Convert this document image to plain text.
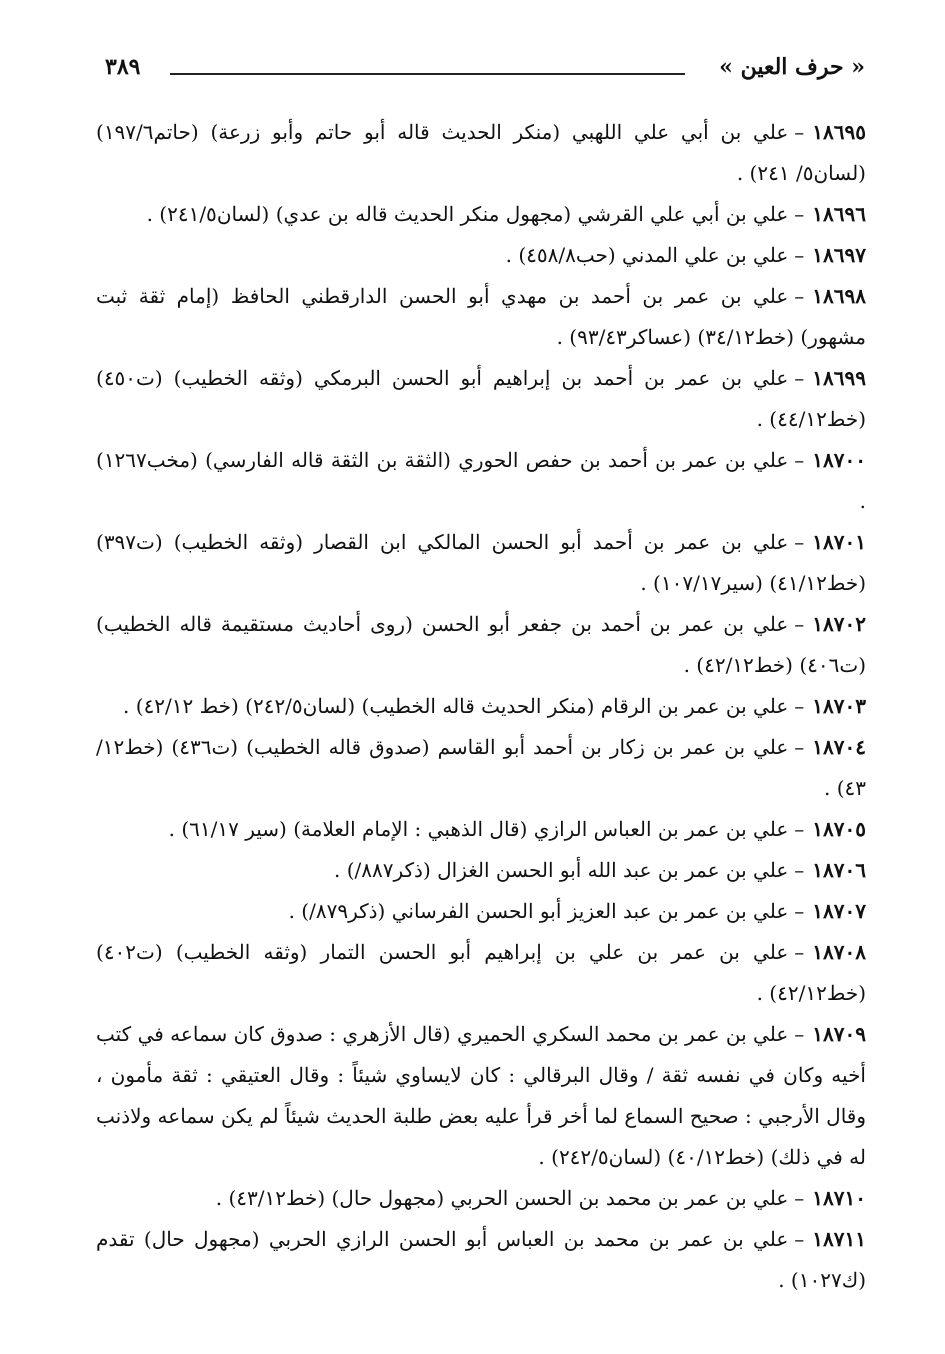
« حرف العين »
٣٨٩

١٨٦٩٥–علي بن أبي علي اللهبي (منكر الحديث قاله أبو حاتم وأبو زرعة) (حاتم١٩٧/٦) (لسان٥/ ٢٤١) .

١٨٦٩٦–علي بن أبي علي القرشي (مجهول منكر الحديث قاله بن عدي) (لسان٢٤١/٥) .

١٨٦٩٧–علي بن علي المدني (حب٤٥٨/٨) .

١٨٦٩٨–علي بن عمر بن أحمد بن مهدي أبو الحسن الدارقطني الحافظ (إمام ثقة ثبت مشهور) (خط٣٤/١٢) (عساكر٩٣/٤٣) .

١٨٦٩٩–علي بن عمر بن أحمد بن إبراهيم أبو الحسن البرمكي (وثقه الخطيب) (ت٤٥٠) (خط٤٤/١٢) .

١٨٧٠٠–علي بن عمر بن أحمد بن حفص الحوري (الثقة بن الثقة قاله الفارسي) (مخب١٢٦٧) .

١٨٧٠١–علي بن عمر بن أحمد أبو الحسن المالكي ابن القصار (وثقه الخطيب) (ت٣٩٧) (خط٤١/١٢) (سير١٠٧/١٧) .

١٨٧٠٢–علي بن عمر بن أحمد بن جفعر أبو الحسن (روى أحاديث مستقيمة قاله الخطيب) (ت٤٠٦) (خط٤٢/١٢) .

١٨٧٠٣–علي بن عمر بن الرقام (منكر الحديث قاله الخطيب) (لسان٢٤٢/٥) (خط ٤٢/١٢) .

١٨٧٠٤–علي بن عمر بن زكار بن أحمد أبو القاسم (صدوق قاله الخطيب) (ت٤٣٦) (خط١٢/ ٤٣) .

١٨٧٠٥–علي بن عمر بن العباس الرازي (قال الذهبي : الإمام العلامة) (سير ٦١/١٧) .

١٨٧٠٦–علي بن عمر بن عبد الله أبو الحسن الغزال (ذكر٨٨٧/) .

١٨٧٠٧–علي بن عمر بن عبد العزيز أبو الحسن الفرساني (ذكر٨٧٩/) .

١٨٧٠٨–علي بن عمر بن علي بن إبراهيم أبو الحسن التمار (وثقه الخطيب) (ت٤٠٢) (خط٤٢/١٢) .

١٨٧٠٩–علي بن عمر بن محمد السكري الحميري (قال الأزهري : صدوق كان سماعه في كتب أخيه وكان في نفسه ثقة / وقال البرقالي : كان لايساوي شيئاً : وقال العتيقي : ثقة مأمون ، وقال الأرجبي : صحيح السماع لما أخر قرأ عليه بعض طلبة الحديث شيئاً لم يكن سماعه ولاذنب له في ذلك) (خط٤٠/١٢) (لسان٢٤٢/٥) .

١٨٧١٠–علي بن عمر بن محمد بن الحسن الحربي (مجهول حال) (خط٤٣/١٢) .

١٨٧١١–علي بن عمر بن محمد بن العباس أبو الحسن الرازي الحربي (مجهول حال) تقدم (ك١٠٢٧) .
